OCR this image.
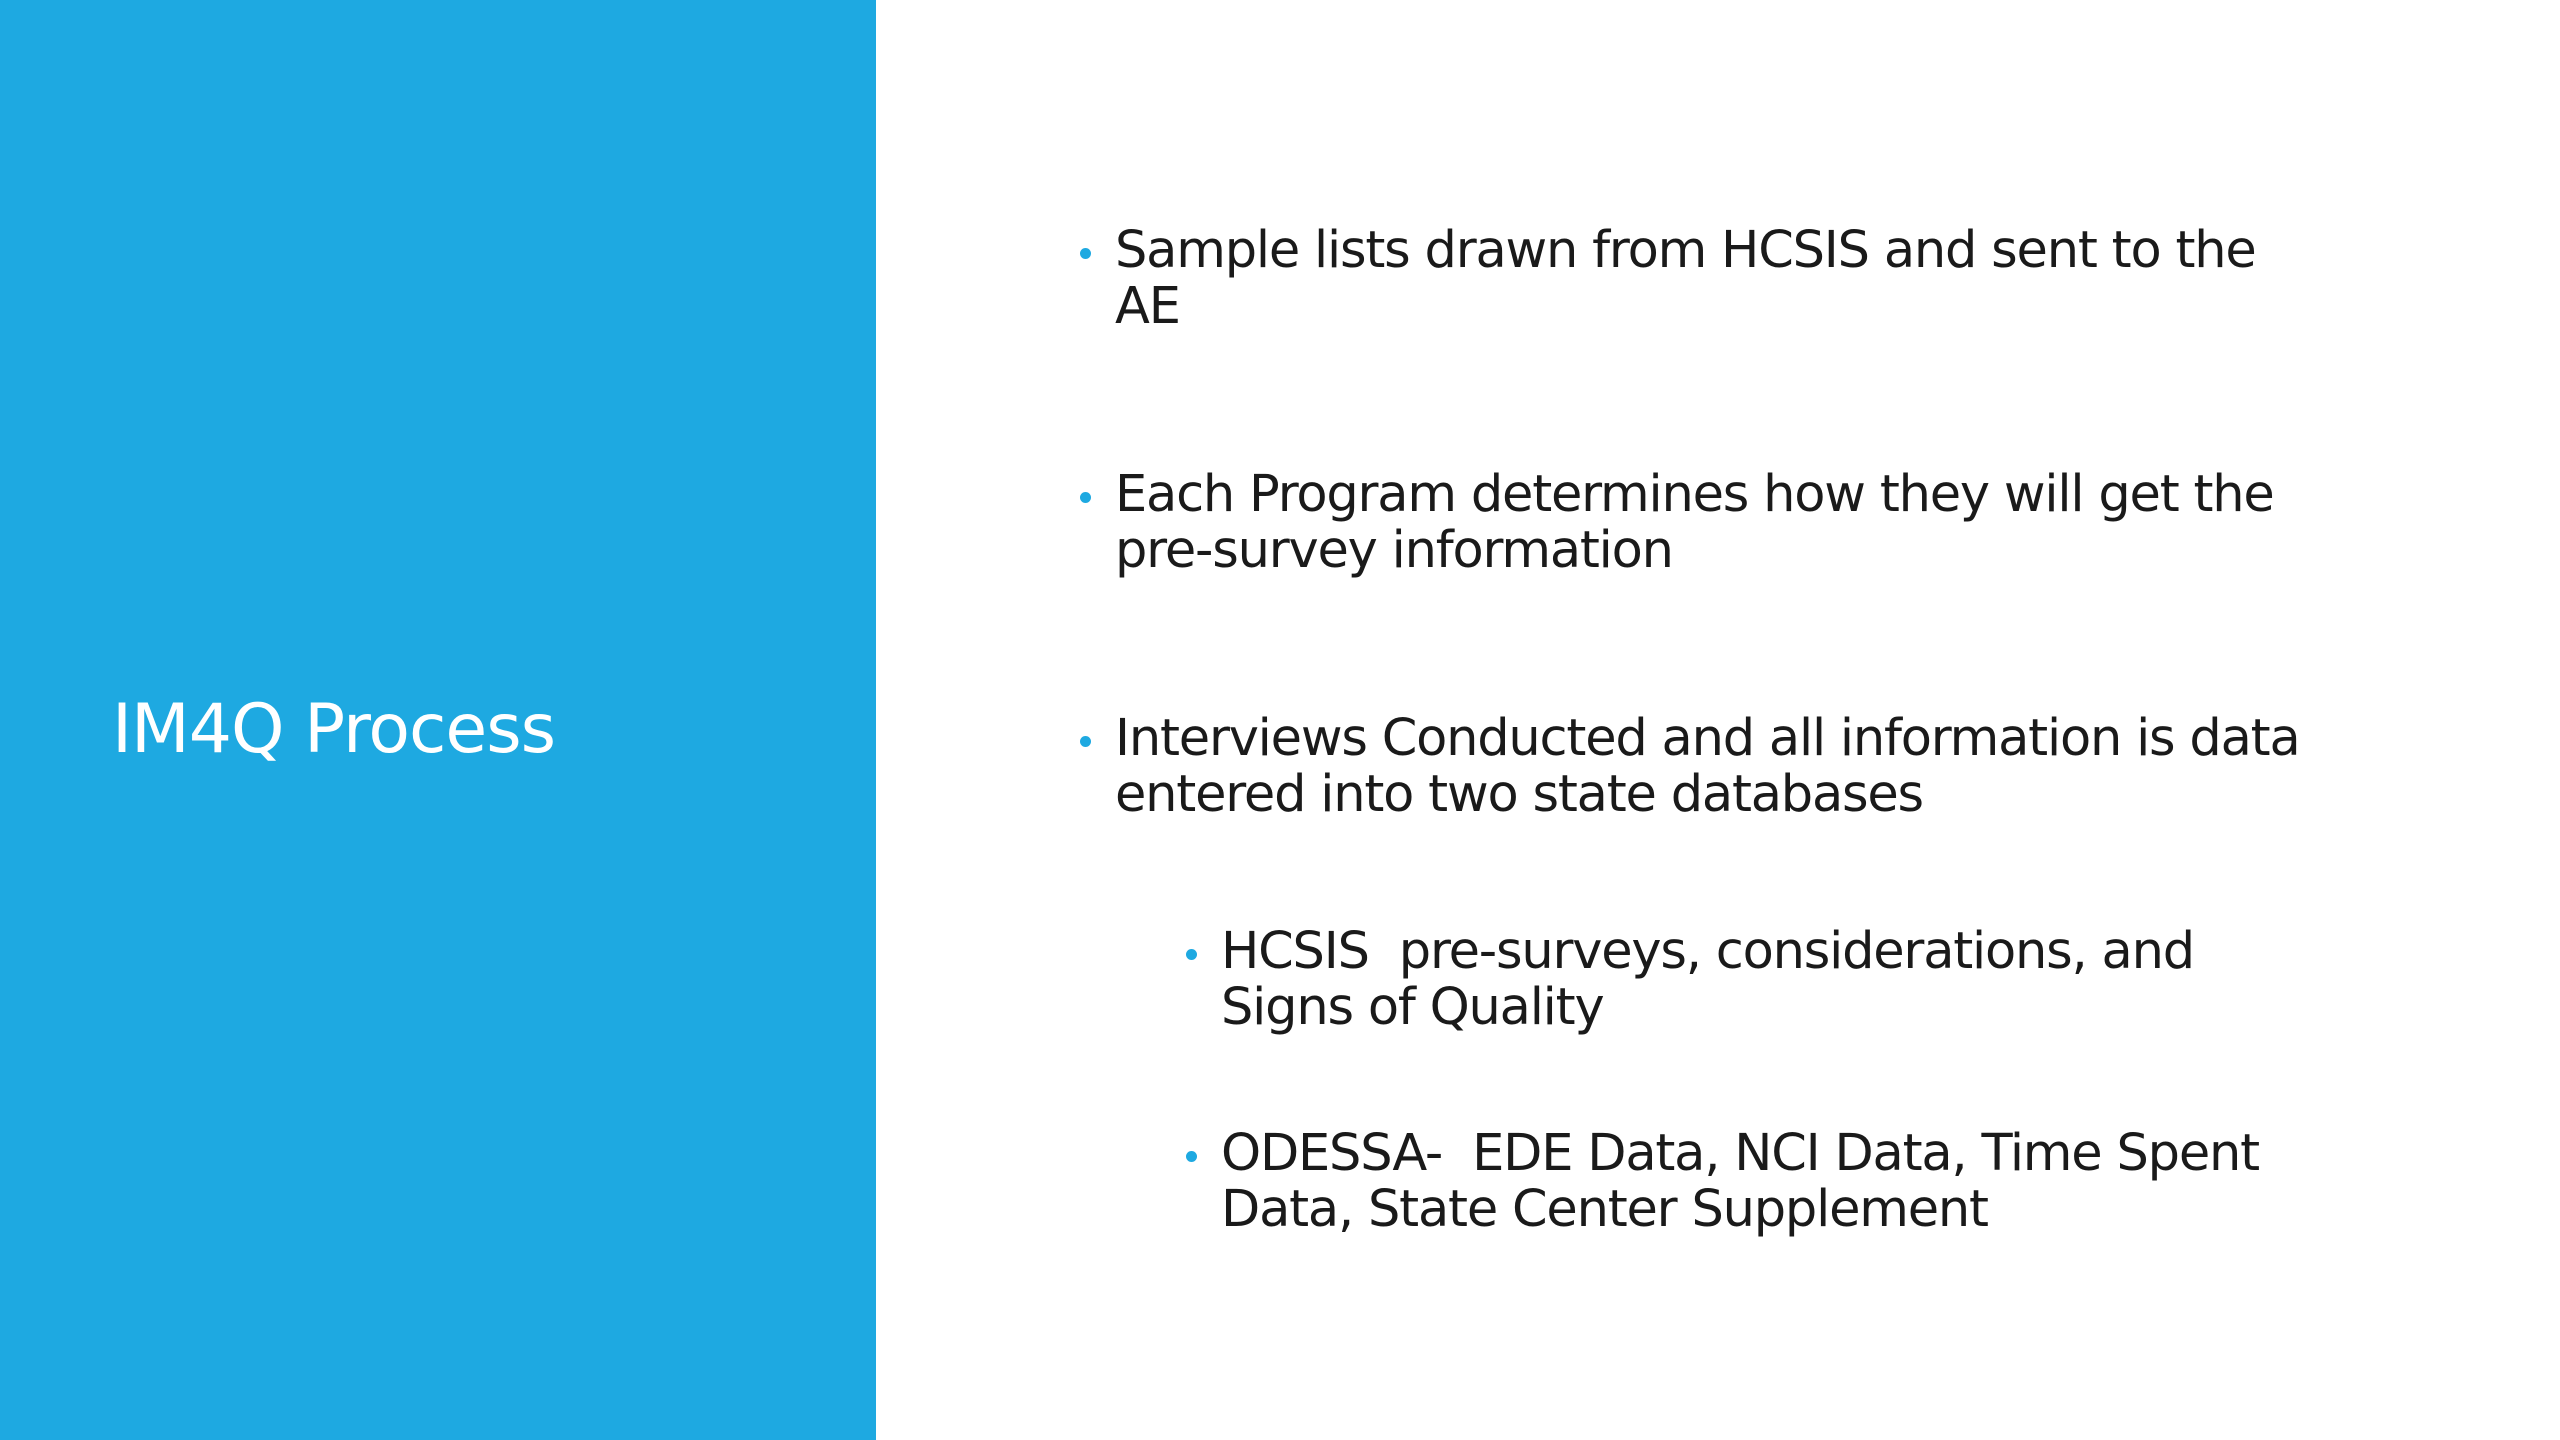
IM4Q Process
Sample lists drawn from HCSIS and sent to the
AE
Each Program determines how they will get the
pre-survey information
Interviews Conducted and all information is data
entered into two state databases
HCSIS  pre-surveys, considerations, and
Signs of Quality
ODESSA-  EDE Data, NCI Data, Time Spent
Data, State Center Supplement
